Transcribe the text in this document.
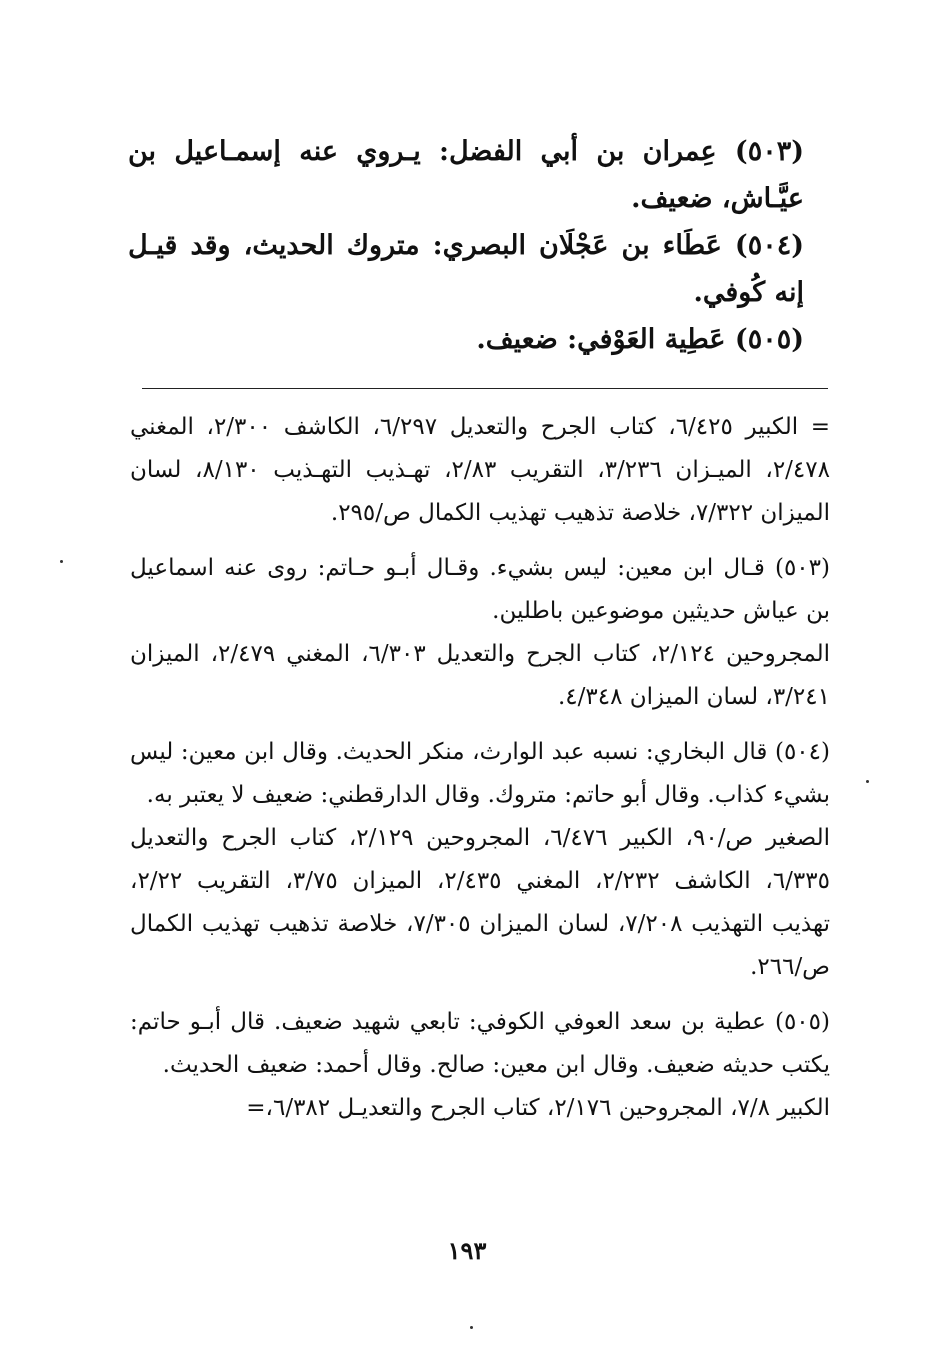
(٥٠٣) عِمران بن أبي الفضل: يـروي عنه إسمـاعيل بن عيَّـاش، ضعيف.

(٥٠٤) عَطَاء بن عَجْلَان البصري: متروك الحديث، وقد قيـل إنه كُوفي.

(٥٠٥) عَطِية العَوْفي: ضعيف.

= الكبير ٦/٤٢٥، كتاب الجرح والتعديل ٦/٢٩٧، الكاشف ٢/٣٠٠، المغني ٢/٤٧٨، الميـزان ٣/٢٣٦، التقريب ٢/٨٣، تهـذيب التهـذيب ٨/١٣٠، لسان الميزان ٧/٣٢٢، خلاصة تذهيب تهذيب الكمال ص/٢٩٥.

(٥٠٣) قـال ابن معين: ليس بشيء. وقـال أبـو حـاتم: روى عنه اسماعيل بن عياش حديثين موضوعين باطلين.

المجروحين ٢/١٢٤، كتاب الجرح والتعديل ٦/٣٠٣، المغني ٢/٤٧٩، الميزان ٣/٢٤١، لسان الميزان ٤/٣٤٨.

(٥٠٤) قال البخاري: نسبه عبد الوارث، منكر الحديث. وقال ابن معين: ليس بشيء كذاب. وقال أبو حاتم: متروك. وقال الدارقطني: ضعيف لا يعتبر به.

الصغير ص/٩٠، الكبير ٦/٤٧٦، المجروحين ٢/١٢٩، كتاب الجرح والتعديل ٦/٣٣٥، الكاشف ٢/٢٣٢، المغني ٢/٤٣٥، الميزان ٣/٧٥، التقريب ٢/٢٢، تهذيب التهذيب ٧/٢٠٨، لسان الميزان ٧/٣٠٥، خلاصة تذهيب تهذيب الكمال ص/٢٦٦.

(٥٠٥) عطية بن سعد العوفي الكوفي: تابعي شهيد ضعيف. قال أبـو حاتم: يكتب حديثه ضعيف. وقال ابن معين: صالح. وقال أحمد: ضعيف الحديث.

الكبير ٧/٨، المجروحين ٢/١٧٦، كتاب الجرح والتعديـل ٦/٣٨٢،=

١٩٣
